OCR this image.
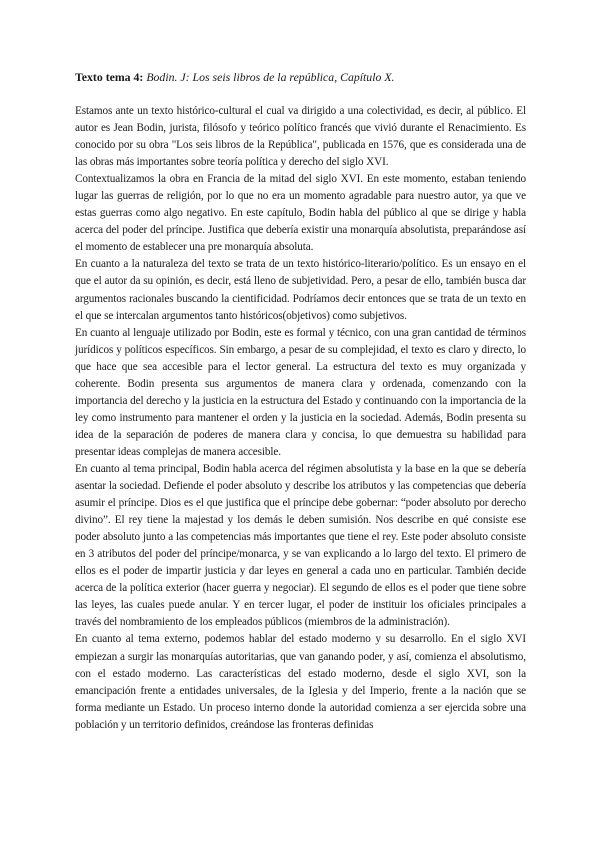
Texto tema 4: Bodin. J: Los seis libros de la república, Capítulo X.

Estamos ante un texto histórico-cultural el cual va dirigido a una colectividad, es decir, al público. El autor es Jean Bodin, jurista, filósofo y teórico político francés que vivió durante el Renacimiento. Es conocido por su obra "Los seis libros de la República", publicada en 1576, que es considerada una de las obras más importantes sobre teoría política y derecho del siglo XVI.

Contextualizamos la obra en Francia de la mitad del siglo XVI. En este momento, estaban teniendo lugar las guerras de religión, por lo que no era un momento agradable para nuestro autor, ya que ve estas guerras como algo negativo. En este capítulo, Bodin habla del público al que se dirige y habla acerca del poder del príncipe. Justifica que debería existir una monarquía absolutista, preparándose así el momento de establecer una pre monarquía absoluta.

En cuanto a la naturaleza del texto se trata de un texto histórico-literario/político. Es un ensayo en el que el autor da su opinión, es decir, está lleno de subjetividad. Pero, a pesar de ello, también busca dar argumentos racionales buscando la cientificidad. Podríamos decir entonces que se trata de un texto en el que se intercalan argumentos tanto históricos(objetivos) como subjetivos.

En cuanto al lenguaje utilizado por Bodin, este es formal y técnico, con una gran cantidad de términos jurídicos y políticos específicos. Sin embargo, a pesar de su complejidad, el texto es claro y directo, lo que hace que sea accesible para el lector general. La estructura del texto es muy organizada y coherente. Bodin presenta sus argumentos de manera clara y ordenada, comenzando con la importancia del derecho y la justicia en la estructura del Estado y continuando con la importancia de la ley como instrumento para mantener el orden y la justicia en la sociedad. Además, Bodin presenta su idea de la separación de poderes de manera clara y concisa, lo que demuestra su habilidad para presentar ideas complejas de manera accesible.

En cuanto al tema principal, Bodin habla acerca del régimen absolutista y la base en la que se debería asentar la sociedad. Defiende el poder absoluto y describe los atributos y las competencias que debería asumir el príncipe. Dios es el que justifica que el príncipe debe gobernar: “poder absoluto por derecho divino”. El rey tiene la majestad y los demás le deben sumisión. Nos describe en qué consiste ese poder absoluto junto a las competencias más importantes que tiene el rey. Este poder absoluto consiste en 3 atributos del poder del príncipe/monarca, y se van explicando a lo largo del texto. El primero de ellos es el poder de impartir justicia y dar leyes en general a cada uno en particular. También decide acerca de la política exterior (hacer guerra y negociar). El segundo de ellos es el poder que tiene sobre las leyes, las cuales puede anular. Y en tercer lugar, el poder de instituir los oficiales principales a través del nombramiento de los empleados públicos (miembros de la administración).

En cuanto al tema externo, podemos hablar del estado moderno y su desarrollo. En el siglo XVI empiezan a surgir las monarquías autoritarias, que van ganando poder, y así, comienza el absolutismo, con el estado moderno. Las características del estado moderno, desde el siglo XVI, son la emancipación frente a entidades universales, de la Iglesia y del Imperio, frente a la nación que se forma mediante un Estado. Un proceso interno donde la autoridad comienza a ser ejercida sobre una población y un territorio definidos, creándose las fronteras definidas
